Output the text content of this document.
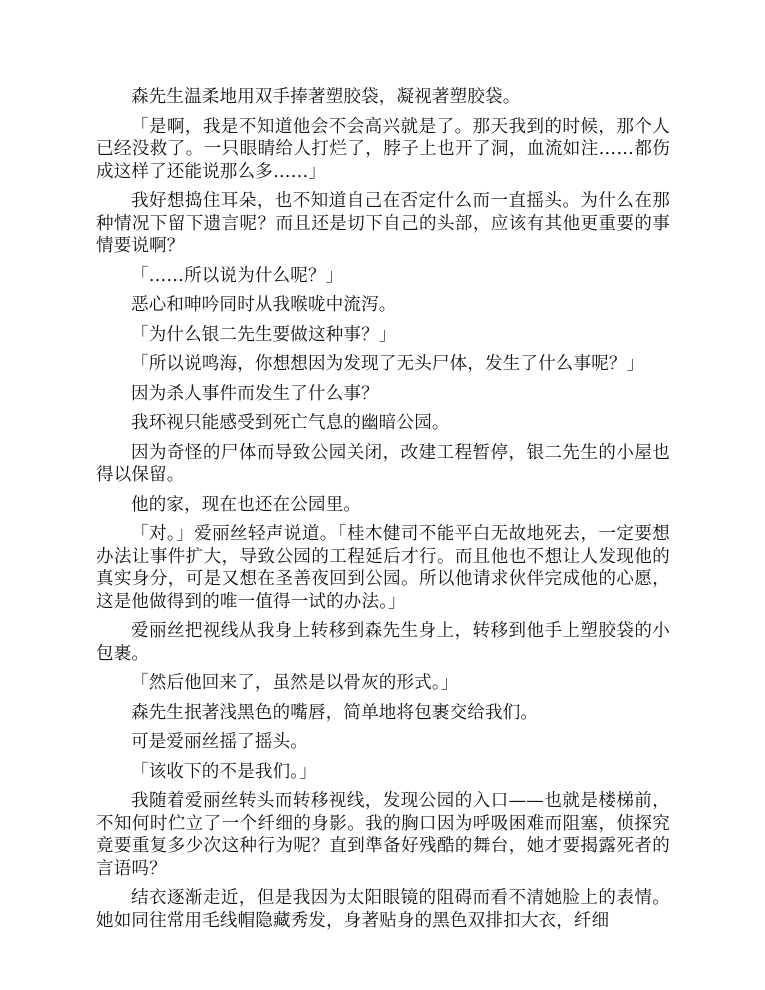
森先生温柔地用双手捧著塑胶袋，凝视著塑胶袋。

「是啊，我是不知道他会不会高兴就是了。那天我到的时候，那个人已经没救了。一只眼睛给人打烂了，脖子上也开了洞，血流如注……都伤成这样了还能说那么多……」

我好想捣住耳朵，也不知道自己在否定什么而一直摇头。为什么在那种情况下留下遗言呢？而且还是切下自己的头部，应该有其他更重要的事情要说啊？

「……所以说为什么呢？」

恶心和呻吟同时从我喉咙中流泻。

「为什么银二先生要做这种事？」

「所以说鸣海，你想想因为发现了无头尸体，发生了什么事呢？」

因为杀人事件而发生了什么事？

我环视只能感受到死亡气息的幽暗公园。

因为奇怪的尸体而导致公园关闭，改建工程暂停，银二先生的小屋也得以保留。

他的家，现在也还在公园里。

「对。」爱丽丝轻声说道。「桂木健司不能平白无故地死去，一定要想办法让事件扩大，导致公园的工程延后才行。而且他也不想让人发现他的真实身分，可是又想在圣善夜回到公园。所以他请求伙伴完成他的心愿，这是他做得到的唯一值得一试的办法。」

爱丽丝把视线从我身上转移到森先生身上，转移到他手上塑胶袋的小包裹。

「然后他回来了，虽然是以骨灰的形式。」

森先生抿著浅黑色的嘴唇，简单地将包裹交给我们。

可是爱丽丝摇了摇头。

「该收下的不是我们。」

我随着爱丽丝转头而转移视线，发现公园的入口——也就是楼梯前，不知何时伫立了一个纤细的身影。我的胸口因为呼吸困难而阻塞，侦探究竟要重复多少次这种行为呢？直到準备好残酷的舞台，她才要揭露死者的言语吗？

结衣逐渐走近，但是我因为太阳眼镜的阻碍而看不清她脸上的表情。她如同往常用毛线帽隐藏秀发，身著贴身的黑色双排扣大衣，纤细
